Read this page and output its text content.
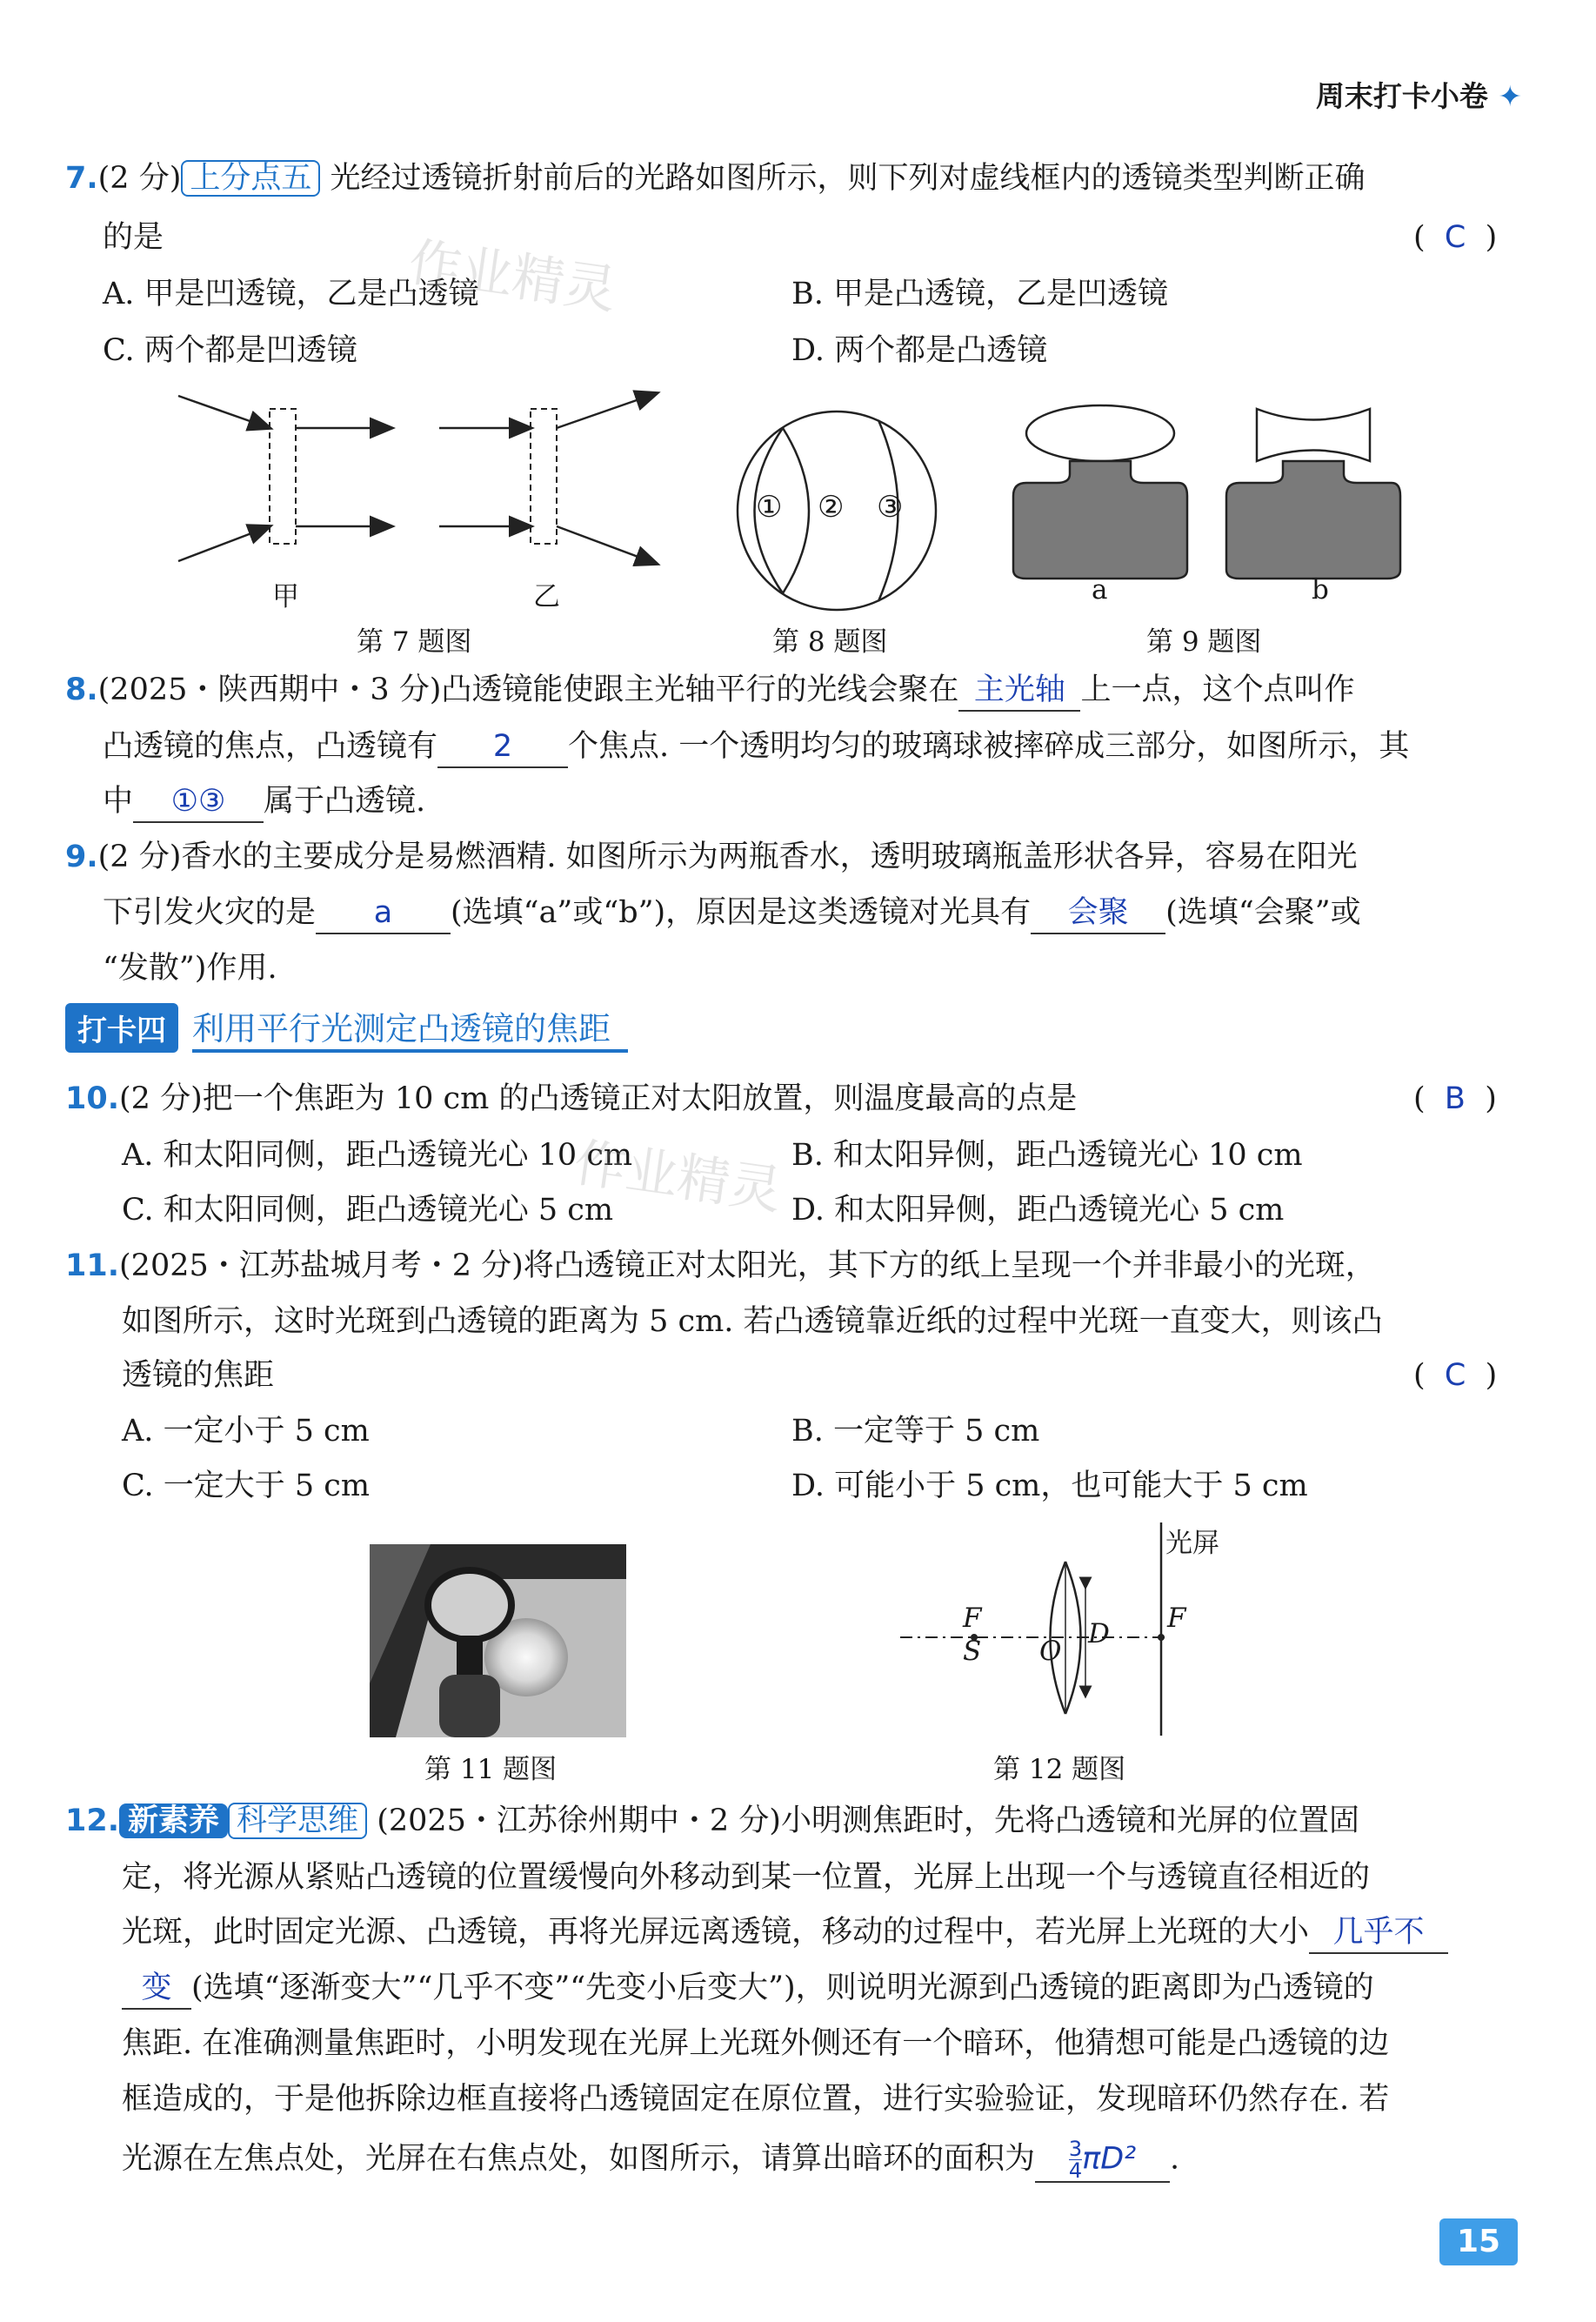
周末打卡小卷 ✦
7.(2 分) 上分点五 光经过透镜折射前后的光路如图所示，则下列对虚线框内的透镜类型判断正确
的是	( C )
A. 甲是凹透镜，乙是凸透镜	B. 甲是凸透镜，乙是凹透镜
C. 两个都是凹透镜	D. 两个都是凸透镜
甲	乙
第 7 题图
① ② ③
第 8 题图
a	b
第 9 题图
8.(2025・陕西期中・3 分)凸透镜能使跟主光轴平行的光线会聚在 主光轴 上一点，这个点叫作
凸透镜的焦点，凸透镜有 2 个焦点. 一个透明均匀的玻璃球被摔碎成三部分，如图所示，其
中 ①③ 属于凸透镜.
9.(2 分)香水的主要成分是易燃酒精. 如图所示为两瓶香水，透明玻璃瓶盖形状各异，容易在阳光
下引发火灾的是 a (选填“a”或“b”)，原因是这类透镜对光具有 会聚 (选填“会聚”或
“发散”)作用.
打卡四 利用平行光测定凸透镜的焦距
10.(2 分)把一个焦距为 10 cm 的凸透镜正对太阳放置，则温度最高的点是	( B )
A. 和太阳同侧，距凸透镜光心 10 cm	B. 和太阳异侧，距凸透镜光心 10 cm
C. 和太阳同侧，距凸透镜光心 5 cm	D. 和太阳异侧，距凸透镜光心 5 cm
11.(2025・江苏盐城月考・2 分)将凸透镜正对太阳光，其下方的纸上呈现一个并非最小的光斑，
如图所示，这时光斑到凸透镜的距离为 5 cm. 若凸透镜靠近纸的过程中光斑一直变大，则该凸
透镜的焦距	( C )
A. 一定小于 5 cm	B. 一定等于 5 cm
C. 一定大于 5 cm	D. 可能小于 5 cm，也可能大于 5 cm
第 11 题图
光屏
F
S O
D F
第 12 题图
12. 新素养 科学思维 (2025・江苏徐州期中・2 分)小明测焦距时，先将凸透镜和光屏的位置固
定，将光源从紧贴凸透镜的位置缓慢向外移动到某一位置，光屏上出现一个与透镜直径相近的
光斑，此时固定光源、凸透镜，再将光屏远离透镜，移动的过程中，若光屏上光斑的大小 几乎不
变 (选填“逐渐变大”“几乎不变”“先变小后变大”)，则说明光源到凸透镜的距离即为凸透镜的
焦距. 在准确测量焦距时，小明发现在光屏上光斑外侧还有一个暗环，他猜想可能是凸透镜的边
框造成的，于是他拆除边框直接将凸透镜固定在原位置，进行实验验证，发现暗环仍然存在. 若
光源在左焦点处，光屏在右焦点处，如图所示，请算出暗环的面积为 $\frac{3}{4} \pi D^2$ .
作业精灵
作业精灵
15
